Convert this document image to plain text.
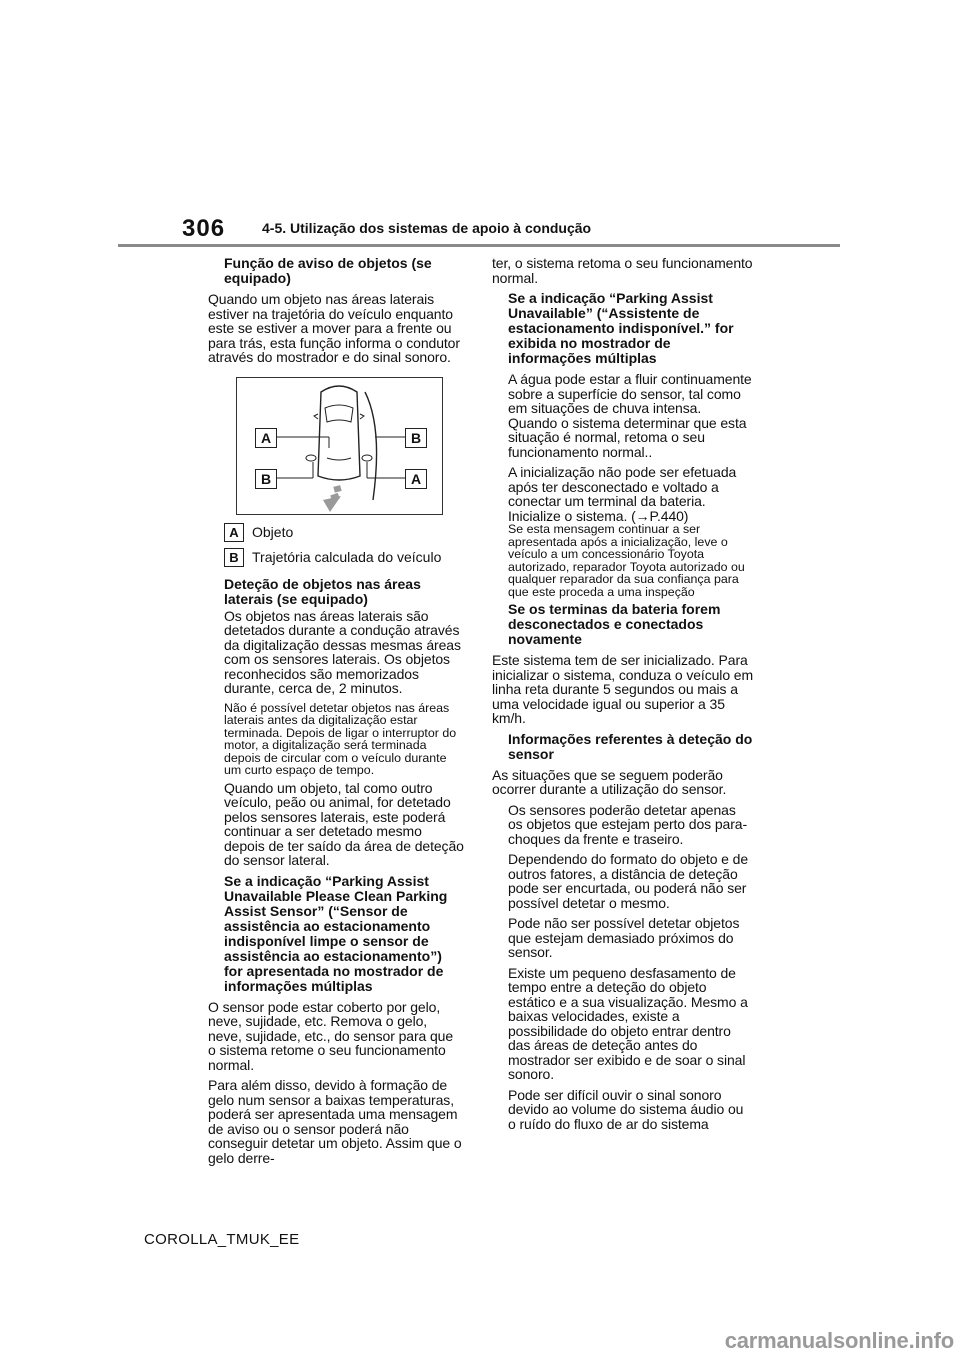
306	4-5. Utilização dos sistemas de apoio à condução
Função de aviso de objetos (se equipado)
Quando um objeto nas áreas laterais estiver na trajetória do veículo enquanto este se estiver a mover para a frente ou para trás, esta função informa o condutor através do mostrador e do sinal sonoro.
A	B
B	A
A Objeto
B Trajetória calculada do veículo
Deteção de objetos nas áreas laterais (se equipado)
Os objetos nas áreas laterais são detetados durante a condução através da digitalização dessas mesmas áreas com os sensores laterais. Os objetos reconhecidos são memorizados durante, cerca de, 2 minutos.
Não é possível detetar objetos nas áreas laterais antes da digitalização estar terminada. Depois de ligar o interruptor do motor, a digitalização será terminada depois de circular com o veículo durante um curto espaço de tempo.
Quando um objeto, tal como outro veículo, peão ou animal, for detetado pelos sensores laterais, este poderá continuar a ser detetado mesmo depois de ter saído da área de deteção do sensor lateral.
Se a indicação “Parking Assist Unavailable Please Clean Parking Assist Sensor” (“Sensor de assistência ao estacionamento indisponível limpe o sensor de assistência ao estacionamento”) for apresentada no mostrador de informações múltiplas
O sensor pode estar coberto por gelo, neve, sujidade, etc. Remova o gelo, neve, sujidade, etc., do sensor para que o sistema retome o seu funcionamento normal.
Para além disso, devido à formação de gelo num sensor a baixas temperaturas, poderá ser apresentada uma mensagem de aviso ou o sensor poderá não conseguir detetar um objeto. Assim que o gelo derre-
ter, o sistema retoma o seu funcionamento normal.
Se a indicação “Parking Assist Unavailable” (“Assistente de estacionamento indisponível.” for exibida no mostrador de informações múltiplas
A água pode estar a fluir continuamente sobre a superfície do sensor, tal como em situações de chuva intensa. Quando o sistema determinar que esta situação é normal, retoma o seu funcionamento normal..
A inicialização não pode ser efetuada após ter desconectado e voltado a conectar um terminal da bateria. Inicialize o sistema. (→P.440)
Se esta mensagem continuar a ser apresentada após a inicialização, leve o veículo a um concessionário Toyota autorizado, reparador Toyota autorizado ou qualquer reparador da sua confiança para que este proceda a uma inspeção
Se os terminas da bateria forem desconectados e conectados novamente
Este sistema tem de ser inicializado. Para inicializar o sistema, conduza o veículo em linha reta durante 5 segundos ou mais a uma velocidade igual ou superior a 35 km/h.
Informações referentes à deteção do sensor
As situações que se seguem poderão ocorrer durante a utilização do sensor.
Os sensores poderão detetar apenas os objetos que estejam perto dos para-choques da frente e traseiro.
Dependendo do formato do objeto e de outros fatores, a distância de deteção pode ser encurtada, ou poderá não ser possível detetar o mesmo.
Pode não ser possível detetar objetos que estejam demasiado próximos do sensor.
Existe um pequeno desfasamento de tempo entre a deteção do objeto estático e a sua visualização. Mesmo a baixas velocidades, existe a possibilidade do objeto entrar dentro das áreas de deteção antes do mostrador ser exibido e de soar o sinal sonoro.
Pode ser difícil ouvir o sinal sonoro devido ao volume do sistema áudio ou o ruído do fluxo de ar do sistema
COROLLA_TMUK_EE
carmanualsonline.info
